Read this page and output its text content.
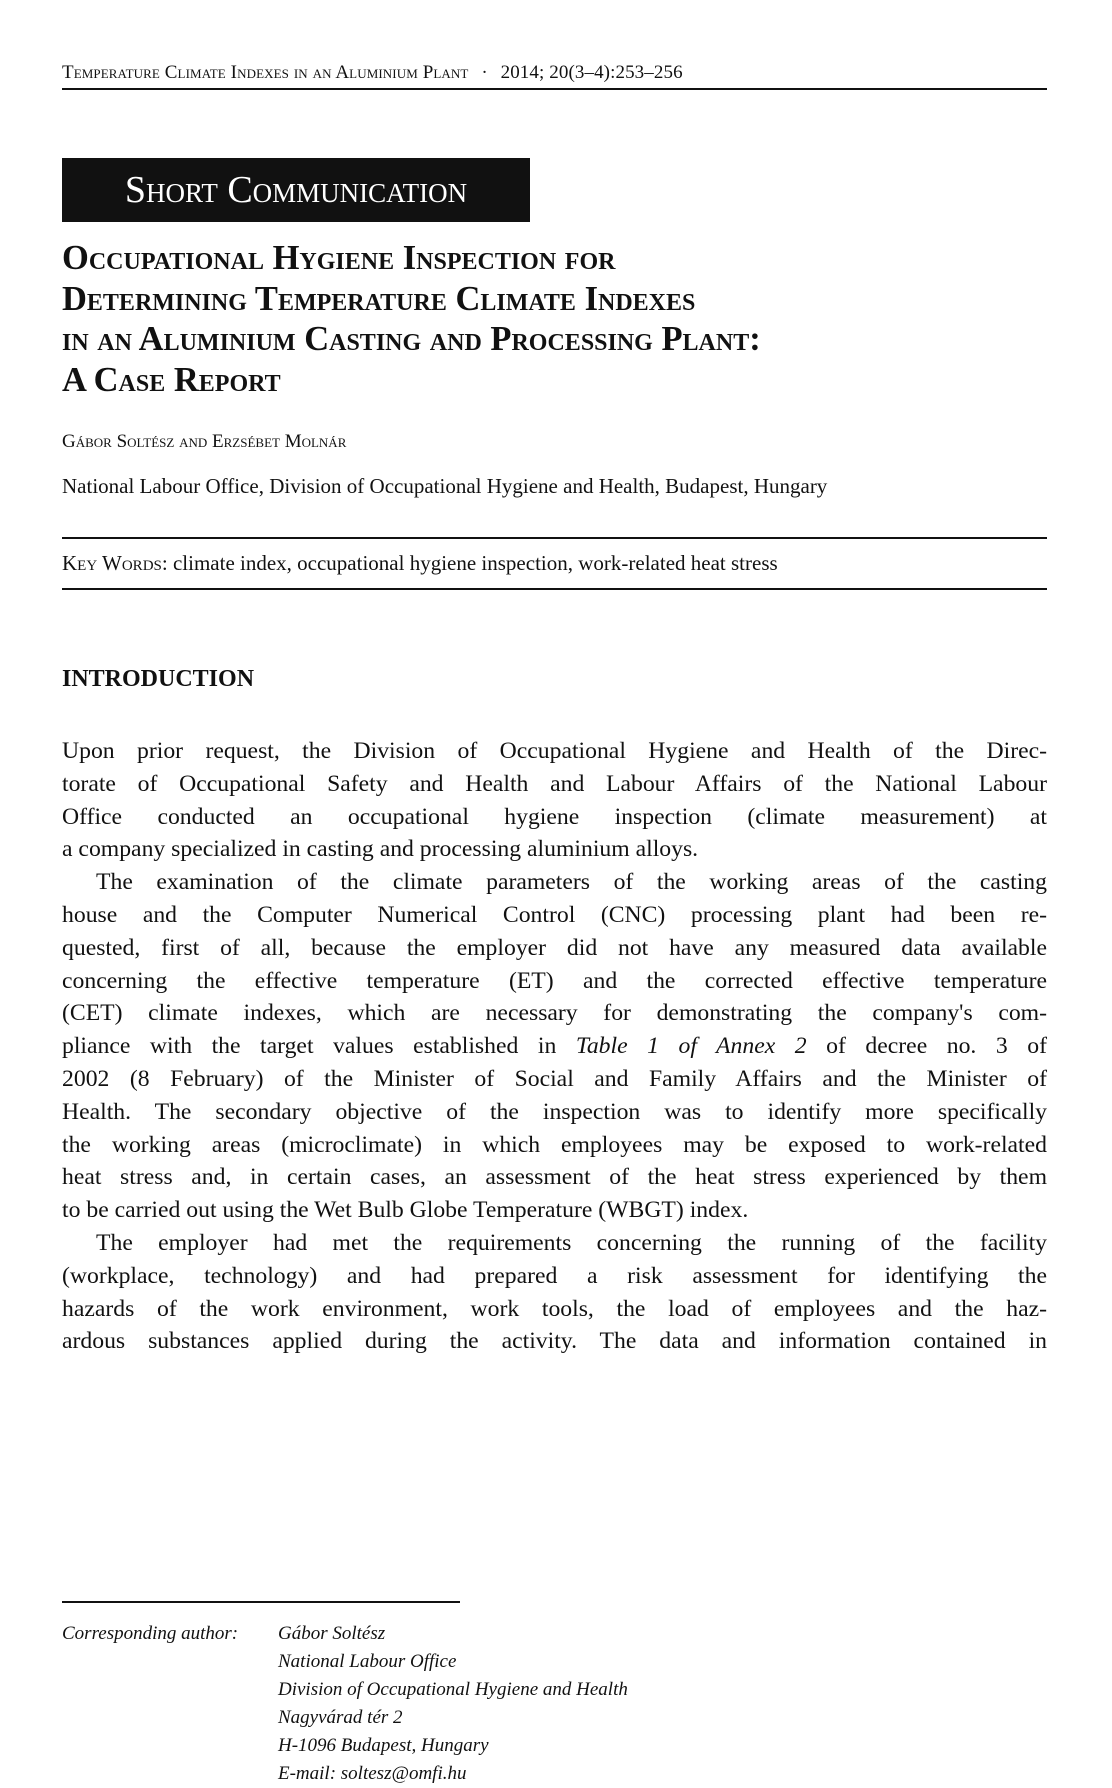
Temperature Climate Indexes in an Aluminium Plant · 2014; 20(3–4):253–256
Short Communication
Occupational Hygiene Inspection for
Determining Temperature Climate Indexes
in an Aluminium Casting and Processing Plant:
A Case Report
Gábor Soltész and Erzsébet Molnár
National Labour Office, Division of Occupational Hygiene and Health, Budapest, Hungary
Key Words: climate index, occupational hygiene inspection, work-related heat stress
INTRODUCTION
Upon prior request, the Division of Occupational Hygiene and Health of the Direc-
torate of Occupational Safety and Health and Labour Affairs of the National Labour
Office conducted an occupational hygiene inspection (climate measurement) at
a company specialized in casting and processing aluminium alloys.
The examination of the climate parameters of the working areas of the casting
house and the Computer Numerical Control (CNC) processing plant had been re-
quested, first of all, because the employer did not have any measured data available
concerning the effective temperature (ET) and the corrected effective temperature
(CET) climate indexes, which are necessary for demonstrating the company's com-
pliance with the target values established in Table 1 of Annex 2 of decree no. 3 of
2002 (8 February) of the Minister of Social and Family Affairs and the Minister of
Health. The secondary objective of the inspection was to identify more specifically
the working areas (microclimate) in which employees may be exposed to work-related
heat stress and, in certain cases, an assessment of the heat stress experienced by them
to be carried out using the Wet Bulb Globe Temperature (WBGT) index.
The employer had met the requirements concerning the running of the facility
(workplace, technology) and had prepared a risk assessment for identifying the
hazards of the work environment, work tools, the load of employees and the haz-
ardous substances applied during the activity. The data and information contained in
Corresponding author: Gábor Soltész
National Labour Office
Division of Occupational Hygiene and Health
Nagyvárad tér 2
H-1096 Budapest, Hungary
E-mail: soltesz@omfi.hu
